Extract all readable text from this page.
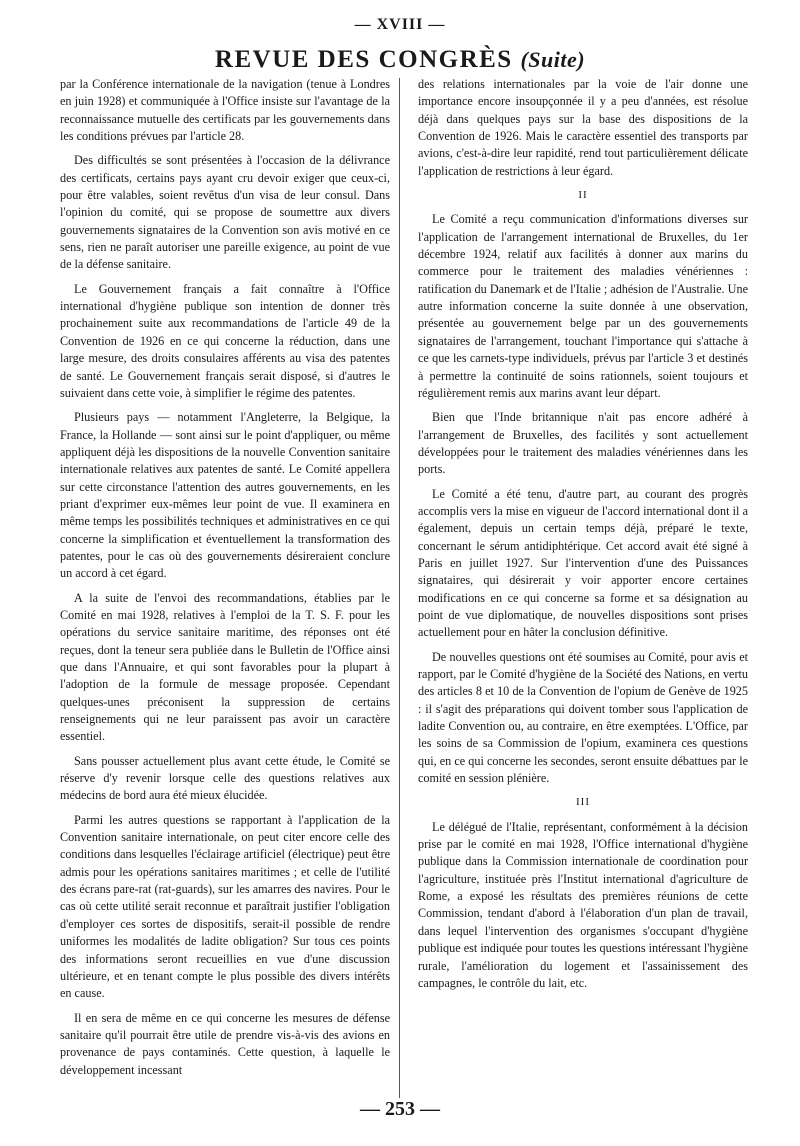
— XVIII —
REVUE DES CONGRÈS (Suite)

par la Conférence internationale de la navigation (tenue à Londres en juin 1928) et communiquée à l'Office insiste sur l'avantage de la reconnaissance mutuelle des certificats par les gouvernements dans les conditions prévues par l'article 28.

Des difficultés se sont présentées à l'occasion de la délivrance des certificats, certains pays ayant cru devoir exiger que ceux-ci, pour être valables, soient revêtus d'un visa de leur consul. Dans l'opinion du comité, qui se propose de soumettre aux divers gouvernements signataires de la Convention son avis motivé en ce sens, rien ne paraît autoriser une pareille exigence, au point de vue de la défense sanitaire.

Le Gouvernement français a fait connaître à l'Office international d'hygiène publique son intention de donner très prochainement suite aux recommandations de l'article 49 de la Convention de 1926 en ce qui concerne la réduction, dans une large mesure, des droits consulaires afférents au visa des patentes de santé. Le Gouvernement français serait disposé, si d'autres le suivaient dans cette voie, à simplifier le régime des patentes.

Plusieurs pays — notamment l'Angleterre, la Belgique, la France, la Hollande — sont ainsi sur le point d'appliquer, ou même appliquent déjà les dispositions de la nouvelle Convention sanitaire internationale relatives aux patentes de santé. Le Comité appellera sur cette circonstance l'attention des autres gouvernements, en les priant d'exprimer eux-mêmes leur point de vue. Il examinera en même temps les possibilités techniques et administratives en ce qui concerne la simplification et éventuellement la transformation des patentes, pour le cas où des gouvernements désireraient conclure un accord à cet égard.

A la suite de l'envoi des recommandations, établies par le Comité en mai 1928, relatives à l'emploi de la T. S. F. pour les opérations du service sanitaire maritime, des réponses ont été reçues, dont la teneur sera publiée dans le Bulletin de l'Office ainsi que dans l'Annuaire, et qui sont favorables pour la plupart à l'adoption de la formule de message proposée. Cependant quelques-unes préconisent la suppression de certains renseignements qui ne leur paraissent pas avoir un caractère essentiel.

Sans pousser actuellement plus avant cette étude, le Comité se réserve d'y revenir lorsque celle des questions relatives aux médecins de bord aura été mieux élucidée.

Parmi les autres questions se rapportant à l'application de la Convention sanitaire internationale, on peut citer encore celle des conditions dans lesquelles l'éclairage artificiel (électrique) peut être admis pour les opérations sanitaires maritimes ; et celle de l'utilité des écrans pare-rat (rat-guards), sur les amarres des navires. Pour le cas où cette utilité serait reconnue et paraîtrait justifier l'obligation d'employer ces sortes de dispositifs, serait-il possible de rendre uniformes les modalités de ladite obligation? Sur tous ces points des informations seront recueillies en vue d'une discussion ultérieure, et en tenant compte le plus possible des divers intérêts en cause.

Il en sera de même en ce qui concerne les mesures de défense sanitaire qu'il pourrait être utile de prendre vis-à-vis des avions en provenance de pays contaminés. Cette question, à laquelle le développement incessant

des relations internationales par la voie de l'air donne une importance encore insoupçonnée il y a peu d'années, est résolue déjà dans quelques pays sur la base des dispositions de la Convention de 1926. Mais le caractère essentiel des transports par avions, c'est-à-dire leur rapidité, rend tout particulièrement délicate l'application de restrictions à leur égard.

II

Le Comité a reçu communication d'informations diverses sur l'application de l'arrangement international de Bruxelles, du 1er décembre 1924, relatif aux facilités à donner aux marins du commerce pour le traitement des maladies vénériennes : ratification du Danemark et de l'Italie ; adhésion de l'Australie. Une autre information concerne la suite donnée à une observation, présentée au gouvernement belge par un des gouvernements signataires de l'arrangement, touchant l'importance qui s'attache à ce que les carnets-type individuels, prévus par l'article 3 et destinés à permettre la continuité de soins rationnels, soient toujours et régulièrement remis aux marins avant leur départ.

Bien que l'Inde britannique n'ait pas encore adhéré à l'arrangement de Bruxelles, des facilités y sont actuellement développées pour le traitement des maladies vénériennes dans les ports.

Le Comité a été tenu, d'autre part, au courant des progrès accomplis vers la mise en vigueur de l'accord international dont il a également, depuis un certain temps déjà, préparé le texte, concernant le sérum antidiphtérique. Cet accord avait été signé à Paris en juillet 1927. Sur l'intervention d'une des Puissances signataires, qui désirerait y voir apporter encore certaines modifications en ce qui concerne sa forme et sa désignation au point de vue diplomatique, de nouvelles dispositions sont prises actuellement pour en hâter la conclusion définitive.

De nouvelles questions ont été soumises au Comité, pour avis et rapport, par le Comité d'hygiène de la Société des Nations, en vertu des articles 8 et 10 de la Convention de l'opium de Genève de 1925 : il s'agit des préparations qui doivent tomber sous l'application de ladite Convention ou, au contraire, en être exemptées. L'Office, par les soins de sa Commission de l'opium, examinera ces questions qui, en ce qui concerne les secondes, seront ensuite débattues par le comité en session plénière.

III

Le délégué de l'Italie, représentant, conformément à la décision prise par le comité en mai 1928, l'Office international d'hygiène publique dans la Commission internationale de coordination pour l'agriculture, instituée près l'Institut international d'agriculture de Rome, a exposé les résultats des premières réunions de cette Commission, tendant d'abord à l'élaboration d'un plan de travail, dans lequel l'intervention des organismes s'occupant d'hygiène publique est indiquée pour toutes les questions intéressant l'hygiène rurale, l'amélioration du logement et l'assainissement des campagnes, le contrôle du lait, etc.

— 253 —
